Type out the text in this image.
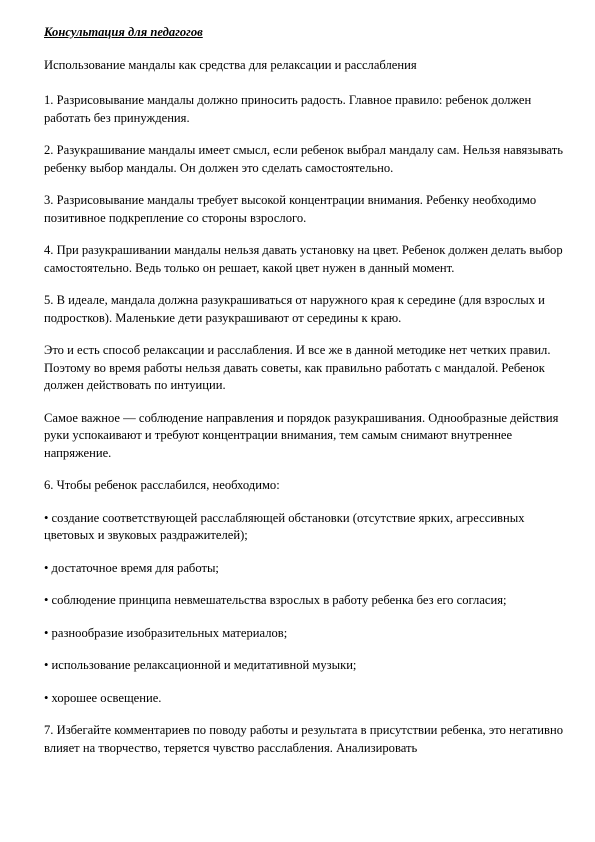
Консультация для педагогов

Использование мандалы как средства для релаксации и расслабления

1. Разрисовывание мандалы должно приносить радость. Главное правило: ребенок должен работать без принуждения.

2. Разукрашивание мандалы имеет смысл, если ребенок выбрал мандалу сам. Нельзя навязывать ребенку выбор мандалы. Он должен это сделать самостоятельно.

3. Разрисовывание мандалы требует высокой концентрации внимания. Ребенку необходимо позитивное подкрепление со стороны взрослого.

4. При разукрашивании мандалы нельзя давать установку на цвет. Ребенок должен делать выбор самостоятельно. Ведь только он решает, какой цвет нужен в данный момент.

5. В идеале, мандала должна разукрашиваться от наружного края к середине (для взрослых и подростков). Маленькие дети разукрашивают от середины к краю.

Это и есть способ релаксации и расслабления. И все же в данной методике нет четких правил. Поэтому во время работы нельзя давать советы, как правильно работать с мандалой. Ребенок должен действовать по интуиции.

Самое важное — соблюдение направления и порядок разукрашивания. Однообразные действия руки успокаивают и требуют концентрации внимания, тем самым снимают внутреннее напряжение.

6. Чтобы ребенок расслабился, необходимо:

• создание соответствующей расслабляющей обстановки (отсутствие ярких, агрессивных цветовых и звуковых раздражителей);

• достаточное время для работы;

• соблюдение принципа невмешательства взрослых в работу ребенка без его согласия;

• разнообразие изобразительных материалов;

• использование релаксационной и медитативной музыки;

• хорошее освещение.

7. Избегайте комментариев по поводу работы и результата в присутствии ребенка, это негативно влияет на творчество, теряется чувство расслабления. Анализировать
